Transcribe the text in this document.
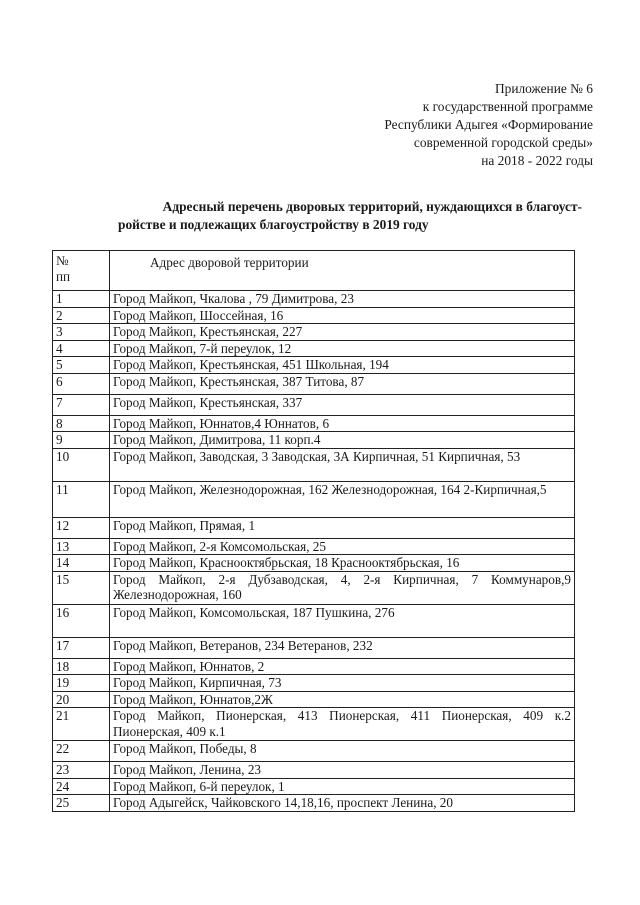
Приложение № 6
к государственной программе
Республики Адыгея «Формирование
современной городской среды»
на 2018 - 2022 годы
Адресный перечень дворовых территорий, нуждающихся в благоуст-
ройстве и подлежащих благоустройству в 2019 году
№
пп	Адрес дворовой территории
1	Город Майкоп, Чкалова , 79 Димитрова, 23
2	Город Майкоп, Шоссейная, 16
3	Город Майкоп, Крестьянская, 227
4	Город Майкоп, 7-й переулок, 12
5	Город Майкоп, Крестьянская, 451 Школьная, 194
6	Город Майкоп, Крестьянская, 387 Титова, 87
7	Город Майкоп, Крестьянская, 337
8	Город Майкоп, Юннатов,4 Юннатов, 6
9	Город Майкоп, Димитрова, 11 корп.4
10	Город Майкоп, Заводская, 3 Заводская, 3А Кирпичная, 51 Кирпичная, 53
11	Город Майкоп, Железнодорожная, 162 Железнодорожная, 164 2-Кирпичная,5
12	Город Майкоп, Прямая, 1
13	Город Майкоп, 2-я Комсомольская, 25
14	Город Майкоп, Краснооктябрьская, 18 Краснооктябрьская, 16
15	Город Майкоп, 2-я Дубзаводская, 4, 2-я Кирпичная, 7 Коммунаров,9 Железнодорожная, 160
16	Город Майкоп, Комсомольская, 187 Пушкина, 276
17	Город Майкоп, Ветеранов, 234 Ветеранов, 232
18	Город Майкоп, Юннатов, 2
19	Город Майкоп, Кирпичная, 73
20	Город Майкоп, Юннатов,2Ж
21	Город Майкоп, Пионерская, 413 Пионерская, 411 Пионерская, 409 к.2 Пионерская, 409 к.1
22	Город Майкоп, Победы, 8
23	Город Майкоп, Ленина, 23
24	Город Майкоп, 6-й переулок, 1
25	Город Адыгейск, Чайковского 14,18,16, проспект Ленина, 20
